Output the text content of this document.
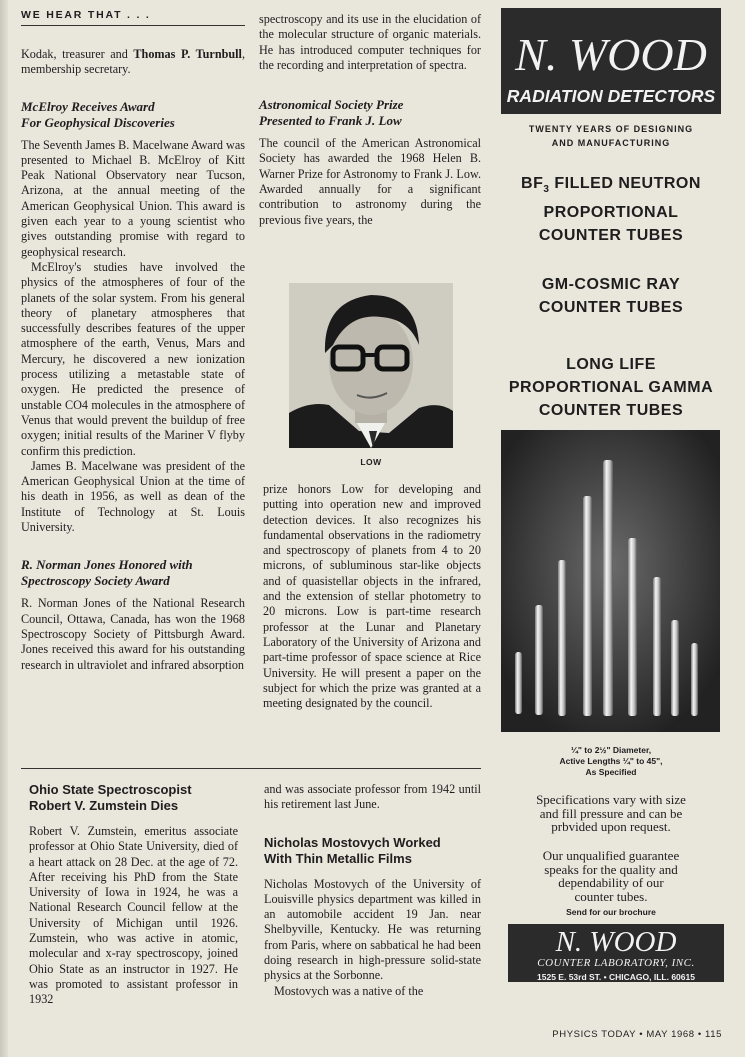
WE HEAR THAT . . .

Kodak, treasurer and Thomas P. Turnbull, membership secretary.

McElroy Receives Award
For Geophysical Discoveries

The Seventh James B. Macelwane Award was presented to Michael B. McElroy of Kitt Peak National Observatory near Tucson, Arizona, at the annual meeting of the American Geophysical Union. This award is given each year to a young scientist who gives outstanding promise with regard to geophysical research.

McElroy's studies have involved the physics of the atmospheres of four of the planets of the solar system. From his general theory of planetary atmospheres that successfully describes features of the upper atmosphere of the earth, Venus, Mars and Mercury, he discovered a new ionization process utilizing a metastable state of oxygen. He predicted the presence of unstable CO4 molecules in the atmosphere of Venus that would prevent the buildup of free oxygen; initial results of the Mariner V flyby confirm this prediction.

James B. Macelwane was president of the American Geophysical Union at the time of his death in 1956, as well as dean of the Institute of Technology at St. Louis University.

R. Norman Jones Honored with
Spectroscopy Society Award

R. Norman Jones of the National Research Council, Ottawa, Canada, has won the 1968 Spectroscopy Society of Pittsburgh Award. Jones received this award for his outstanding research in ultraviolet and infrared absorption

spectroscopy and its use in the elucidation of the molecular structure of organic materials. He has introduced computer techniques for the recording and interpretation of spectra.

Astronomical Society Prize
Presented to Frank J. Low

The council of the American Astronomical Society has awarded the 1968 Helen B. Warner Prize for Astronomy to Frank J. Low. Awarded annually for a significant contribution to astronomy during the previous five years, the

LOW

prize honors Low for developing and putting into operation new and improved detection devices. It also recognizes his fundamental observations in the radiometry and spectroscopy of planets from 4 to 20 microns, of subluminous star-like objects and of quasistellar objects in the infrared, and the extension of stellar photometry to 20 microns. Low is part-time research professor at the Lunar and Planetary Laboratory of the University of Arizona and part-time professor of space science at Rice University. He will present a paper on the subject for which the prize was granted at a meeting designated by the council.

Ohio State Spectroscopist
Robert V. Zumstein Dies

Robert V. Zumstein, emeritus associate professor at Ohio State University, died of a heart attack on 28 Dec. at the age of 72. After receiving his PhD from the State University of Iowa in 1924, he was a National Research Council fellow at the University of Michigan until 1926. Zumstein, who was active in atomic, molecular and x-ray spectroscopy, joined Ohio State as an instructor in 1927. He was promoted to assistant professor in 1932

and was associate professor from 1942 until his retirement last June.

Nicholas Mostovych Worked
With Thin Metallic Films

Nicholas Mostovych of the University of Louisville physics department was killed in an automobile accident 19 Jan. near Shelbyville, Kentucky. He was returning from Paris, where on sabbatical he had been doing research in high-pressure solid-state physics at the Sorbonne.

Mostovych was a native of the

N. WOOD
RADIATION DETECTORS
TWENTY YEARS OF DESIGNING
AND MANUFACTURING
$BF_3$ FILLED NEUTRON
PROPORTIONAL
COUNTER TUBES
GM-COSMIC RAY
COUNTER TUBES
LONG LIFE
PROPORTIONAL GAMMA
COUNTER TUBES
¼" to 2½" Diameter,
Active Lengths ¼" to 45",
As Specified
Specifications vary with size
and fill pressure and can be
prbvided upon request.
Our unqualified guarantee
speaks for the quality and
dependability of our
counter tubes.
Send for our brochure
N. WOOD
COUNTER LABORATORY, INC.
1525 E. 53rd ST. • CHICAGO, ILL. 60615
PHYSICS TODAY • MAY 1968 • 115
